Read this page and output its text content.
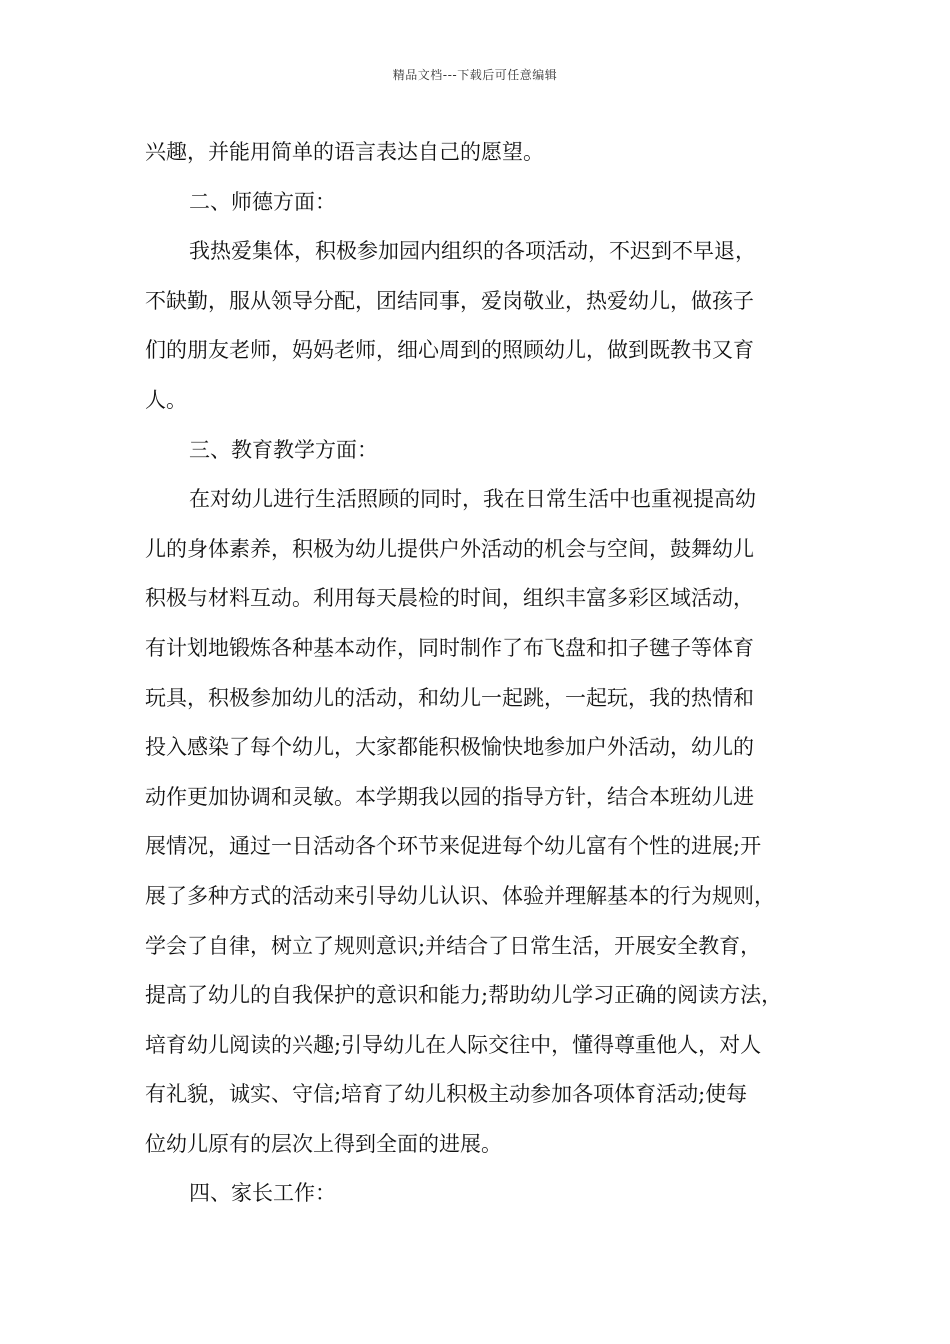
精品文档---下载后可任意编辑
兴趣，并能用简单的语言表达自己的愿望。
二、师德方面：
我热爱集体，积极参加园内组织的各项活动，不迟到不早退，
不缺勤，服从领导分配，团结同事，爱岗敬业，热爱幼儿，做孩子
们的朋友老师，妈妈老师，细心周到的照顾幼儿，做到既教书又育
人。
三、教育教学方面：
在对幼儿进行生活照顾的同时，我在日常生活中也重视提高幼
儿的身体素养，积极为幼儿提供户外活动的机会与空间，鼓舞幼儿
积极与材料互动。利用每天晨检的时间，组织丰富多彩区域活动，
有计划地锻炼各种基本动作，同时制作了布飞盘和扣子毽子等体育
玩具，积极参加幼儿的活动，和幼儿一起跳，一起玩，我的热情和
投入感染了每个幼儿，大家都能积极愉快地参加户外活动，幼儿的
动作更加协调和灵敏。本学期我以园的指导方针，结合本班幼儿进
展情况，通过一日活动各个环节来促进每个幼儿富有个性的进展;开
展了多种方式的活动来引导幼儿认识、体验并理解基本的行为规则，
学会了自律，树立了规则意识;并结合了日常生活，开展安全教育，
提高了幼儿的自我保护的意识和能力;帮助幼儿学习正确的阅读方法，
培育幼儿阅读的兴趣;引导幼儿在人际交往中，懂得尊重他人，对人
有礼貌，诚实、守信;培育了幼儿积极主动参加各项体育活动;使每
位幼儿原有的层次上得到全面的进展。
四、家长工作：
